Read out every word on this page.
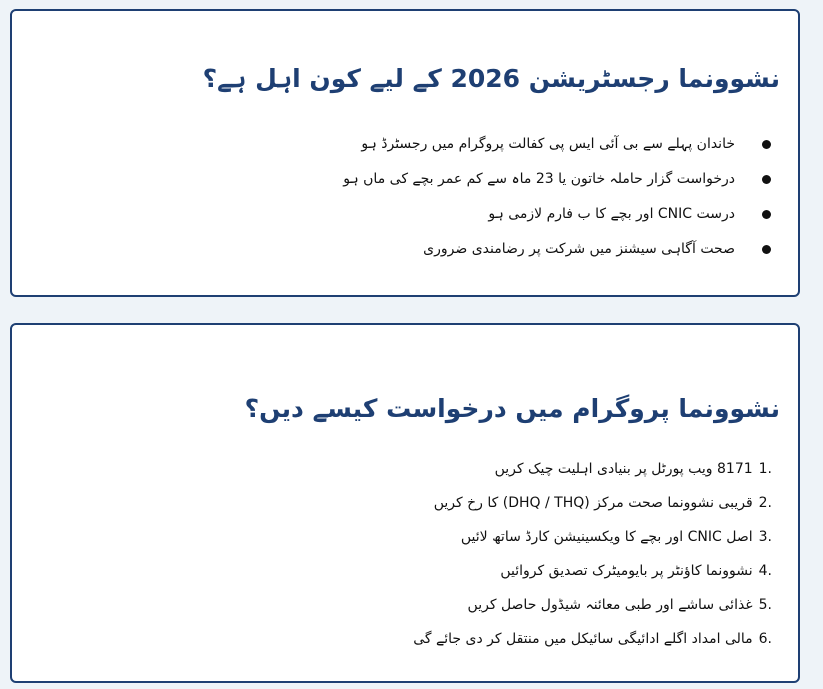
نشوونما رجسٹریشن 2026 کے لیے کون اہل ہے؟
خاندان پہلے سے بی آئی ایس پی کفالت پروگرام میں رجسٹرڈ ہو
درخواست گزار حاملہ خاتون یا 23 ماہ سے کم عمر بچے کی ماں ہو
درست CNIC اور بچے کا ب فارم لازمی ہو
صحت آگاہی سیشنز میں شرکت پر رضامندی ضروری
نشوونما پروگرام میں درخواست کیسے دیں؟
1.8171 ویب پورٹل پر بنیادی اہلیت چیک کریں
2.قریبی نشوونما صحت مرکز (DHQ / THQ) کا رخ کریں
3.اصل CNIC اور بچے کا ویکسینیشن کارڈ ساتھ لائیں
4.نشوونما کاؤنٹر پر بایومیٹرک تصدیق کروائیں
5.غذائی ساشے اور طبی معائنہ شیڈول حاصل کریں
6.مالی امداد اگلے ادائیگی سائیکل میں منتقل کر دی جائے گی
